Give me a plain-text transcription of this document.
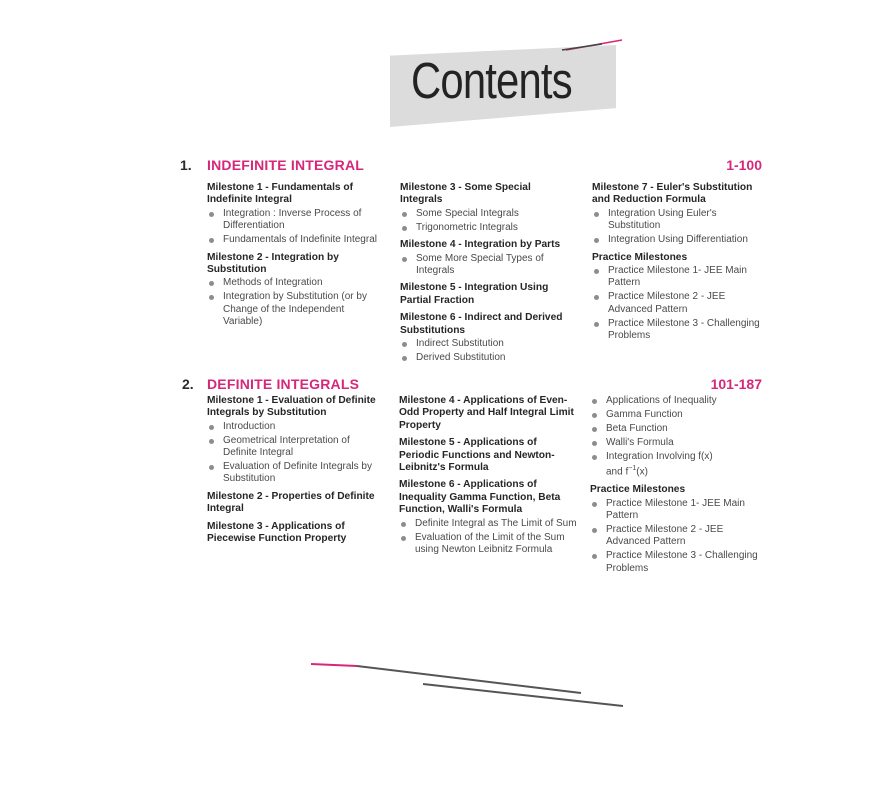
Contents
1. INDEFINITE INTEGRAL	1-100
Milestone 1 - Fundamentals of Indefinite Integral
Integration : Inverse Process of Differentiation
Fundamentals of Indefinite Integral
Milestone 2 - Integration by Substitution
Methods of Integration
Integration by Substitution (or by Change of the Independent Variable)
Milestone 3 - Some Special Integrals
Some Special Integrals
Trigonometric Integrals
Milestone 4 - Integration by Parts
Some More Special Types of Integrals
Milestone 5 - Integration Using Partial Fraction
Milestone 6 - Indirect and Derived Substitutions
Indirect Substitution
Derived Substitution
Milestone 7 - Euler's Substitution and Reduction Formula
Integration Using Euler's Substitution
Integration Using Differentiation
Practice Milestones
Practice Milestone 1- JEE Main Pattern
Practice Milestone 2 - JEE Advanced Pattern
Practice Milestone 3 - Challenging Problems
2. DEFINITE INTEGRALS	101-187
Milestone 1 - Evaluation of Definite Integrals by Substitution
Introduction
Geometrical Interpretation of Definite Integral
Evaluation of Definite Integrals by Substitution
Milestone 2 - Properties of Definite Integral
Milestone 3 - Applications of Piecewise Function Property
Milestone 4 - Applications of Even-Odd Property and Half Integral Limit Property
Milestone 5 - Applications of Periodic Functions and Newton-Leibnitz's Formula
Milestone 6 - Applications of Inequality Gamma Function, Beta Function, Walli's Formula
Definite Integral as The Limit of Sum
Evaluation of the Limit of the Sum using Newton Leibnitz Formula
Applications of Inequality
Gamma Function
Beta Function
Walli's Formula
Integration Involving f(x)
and $f^{-1}(x)$
Practice Milestones
Practice Milestone 1- JEE Main Pattern
Practice Milestone 2 - JEE Advanced Pattern
Practice Milestone 3 - Challenging Problems
